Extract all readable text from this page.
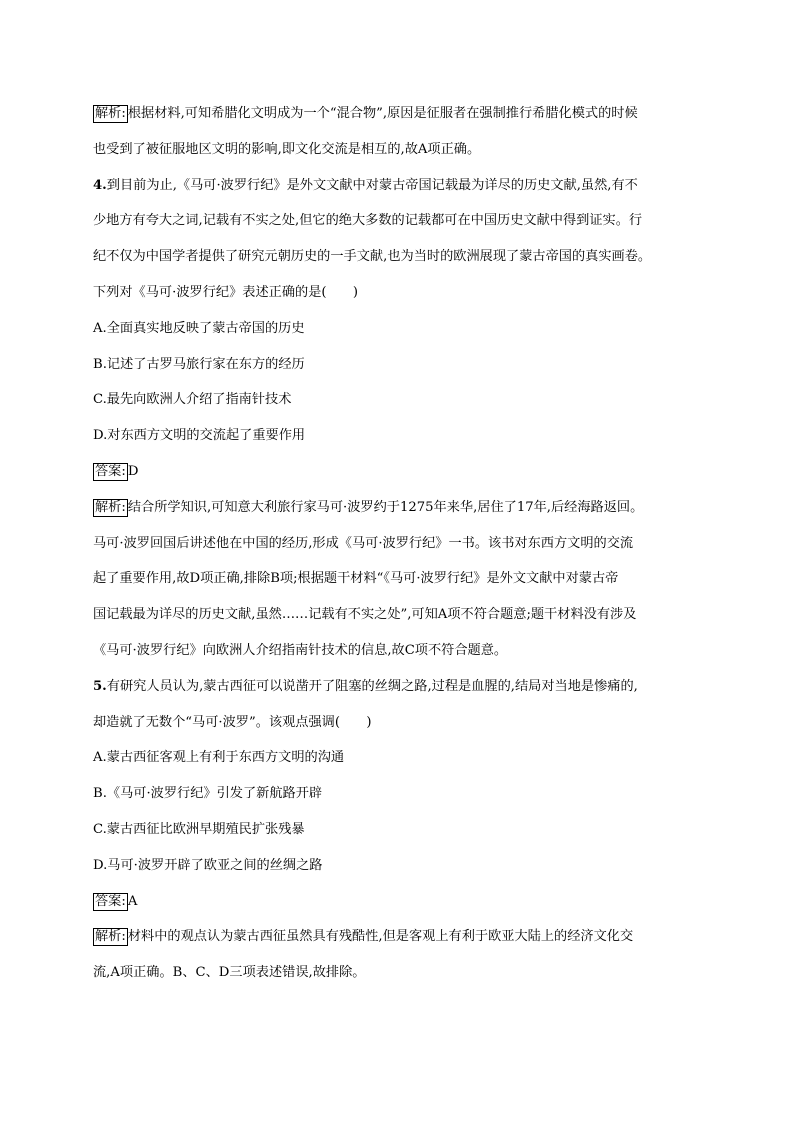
解析: 根据材料,可知希腊化文明成为一个“混合物”,原因是征服者在强制推行希腊化模式的时候
也受到了被征服地区文明的影响,即文化交流是相互的,故A项正确。
4.到目前为止,《马可·波罗行纪》是外文文献中对蒙古帝国记载最为详尽的历史文献,虽然,有不
少地方有夸大之词,记载有不实之处,但它的绝大多数的记载都可在中国历史文献中得到证实。行
纪不仅为中国学者提供了研究元朝历史的一手文献,也为当时的欧洲展现了蒙古帝国的真实画卷。
下列对《马可·波罗行纪》表述正确的是(　　)
A.全面真实地反映了蒙古帝国的历史
B.记述了古罗马旅行家在东方的经历
C.最先向欧洲人介绍了指南针技术
D.对东西方文明的交流起了重要作用
答案: D
解析: 结合所学知识,可知意大利旅行家马可·波罗约于1275年来华,居住了17年,后经海路返回。
马可·波罗回国后讲述他在中国的经历,形成《马可·波罗行纪》一书。该书对东西方文明的交流
起了重要作用,故D项正确,排除B项;根据题干材料“《马可·波罗行纪》是外文文献中对蒙古帝
国记载最为详尽的历史文献,虽然……记载有不实之处”,可知A项不符合题意;题干材料没有涉及
《马可·波罗行纪》向欧洲人介绍指南针技术的信息,故C项不符合题意。
5.有研究人员认为,蒙古西征可以说凿开了阻塞的丝绸之路,过程是血腥的,结局对当地是惨痛的,
却造就了无数个“马可·波罗”。该观点强调(　　)
A.蒙古西征客观上有利于东西方文明的沟通
B.《马可·波罗行纪》引发了新航路开辟
C.蒙古西征比欧洲早期殖民扩张残暴
D.马可·波罗开辟了欧亚之间的丝绸之路
答案: A
解析: 材料中的观点认为蒙古西征虽然具有残酷性,但是客观上有利于欧亚大陆上的经济文化交
流,A项正确。B、C、D三项表述错误,故排除。
